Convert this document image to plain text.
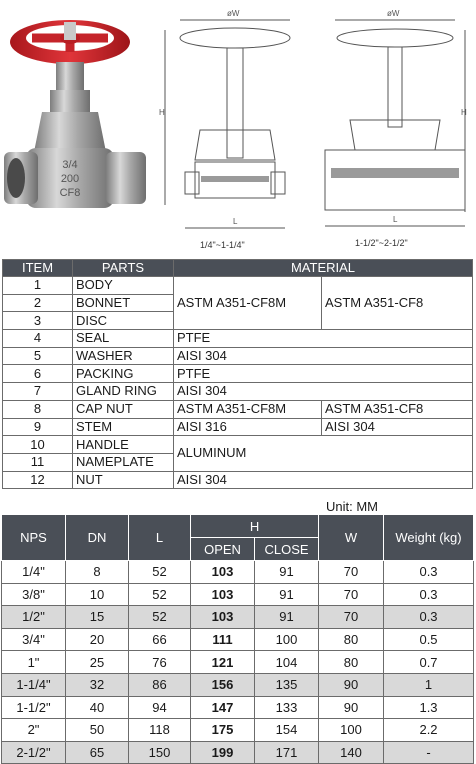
3/4
200
CF8
øW
H
L
øW
H
L
1/4"~1-1/4"	1-1/2"~2-1/2"
ITEM	PARTS	MATERIAL	
1	BODY	ASTM A351-CF8M	ASTM A351-CF8
2	BONNET		
3	DISC		
4	SEAL	PTFE	
5	WASHER	AISI 304	
6	PACKING	PTFE	
7	GLAND RING	AISI 304	
8	CAP NUT	ASTM A351-CF8M	ASTM A351-CF8
9	STEM	AISI 316	AISI 304
10	HANDLE	ALUMINUM	
11	NAMEPLATE		
12	NUT	AISI 304	
Unit: MM
NPS	DN	L	H		W	Weight (kg)
			OPEN	CLOSE		
1/4"	8	52	103	91	70	0.3
3/8"	10	52	103	91	70	0.3
1/2"	15	52	103	91	70	0.3
3/4"	20	66	111	100	80	0.5
1"	25	76	121	104	80	0.7
1-1/4"	32	86	156	135	90	1
1-1/2"	40	94	147	133	90	1.3
2"	50	118	175	154	100	2.2
2-1/2"	65	150	199	171	140	-
